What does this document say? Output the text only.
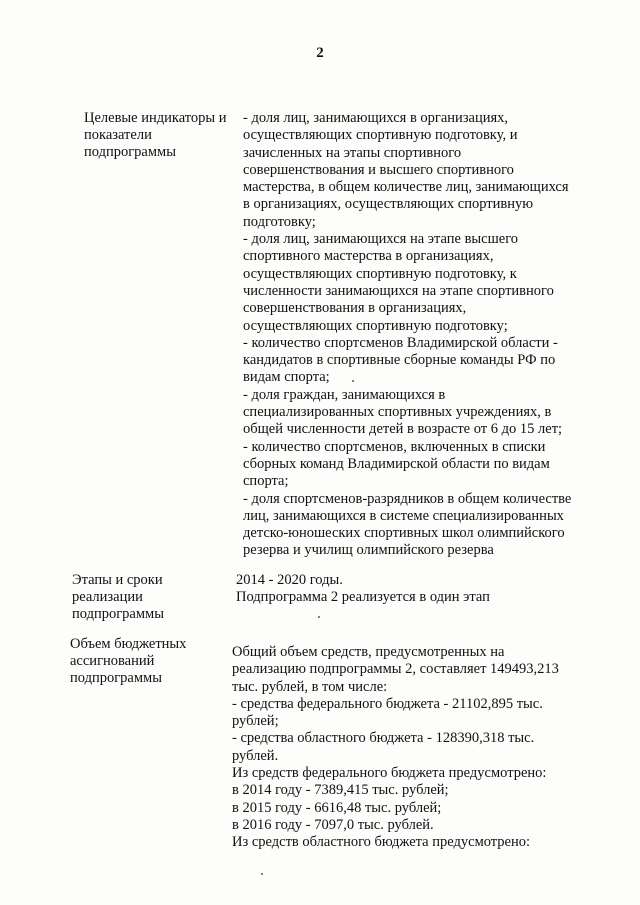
2
Целевые индикаторы и
показатели
подпрограммы
- доля лиц, занимающихся в организациях,
осуществляющих спортивную подготовку, и
зачисленных на этапы спортивного
совершенствования и высшего спортивного
мастерства, в общем количестве лиц, занимающихся
в организациях, осуществляющих спортивную
подготовку;
- доля лиц, занимающихся на этапе высшего
спортивного мастерства в организациях,
осуществляющих спортивную подготовку, к
численности занимающихся на этапе спортивного
совершенствования в организациях,
осуществляющих спортивную подготовку;
- количество спортсменов Владимирской области -
кандидатов в спортивные сборные команды РФ по
видам спорта;
- доля граждан, занимающихся в
специализированных спортивных учреждениях, в
общей численности детей в возрасте от 6 до 15 лет;
- количество спортсменов, включенных в списки
сборных команд Владимирской области по видам
спорта;
- доля спортсменов-разрядников в общем количестве
лиц, занимающихся в системе специализированных
детско-юношеских спортивных школ олимпийского
резерва и училищ олимпийского резерва
Этапы и сроки
реализации
подпрограммы
2014 - 2020 годы.
Подпрограмма 2 реализуется в один этап
Объем бюджетных
ассигнований
подпрограммы
Общий объем средств, предусмотренных на
реализацию подпрограммы 2, составляет 149493,213
тыс. рублей, в том числе:
- средства федерального бюджета - 21102,895 тыс.
рублей;
- средства областного бюджета - 128390,318 тыс.
рублей.
Из средств федерального бюджета предусмотрено:
в 2014 году - 7389,415 тыс. рублей;
в 2015 году - 6616,48 тыс. рублей;
в 2016 году - 7097,0 тыс. рублей.
Из средств областного бюджета предусмотрено:
